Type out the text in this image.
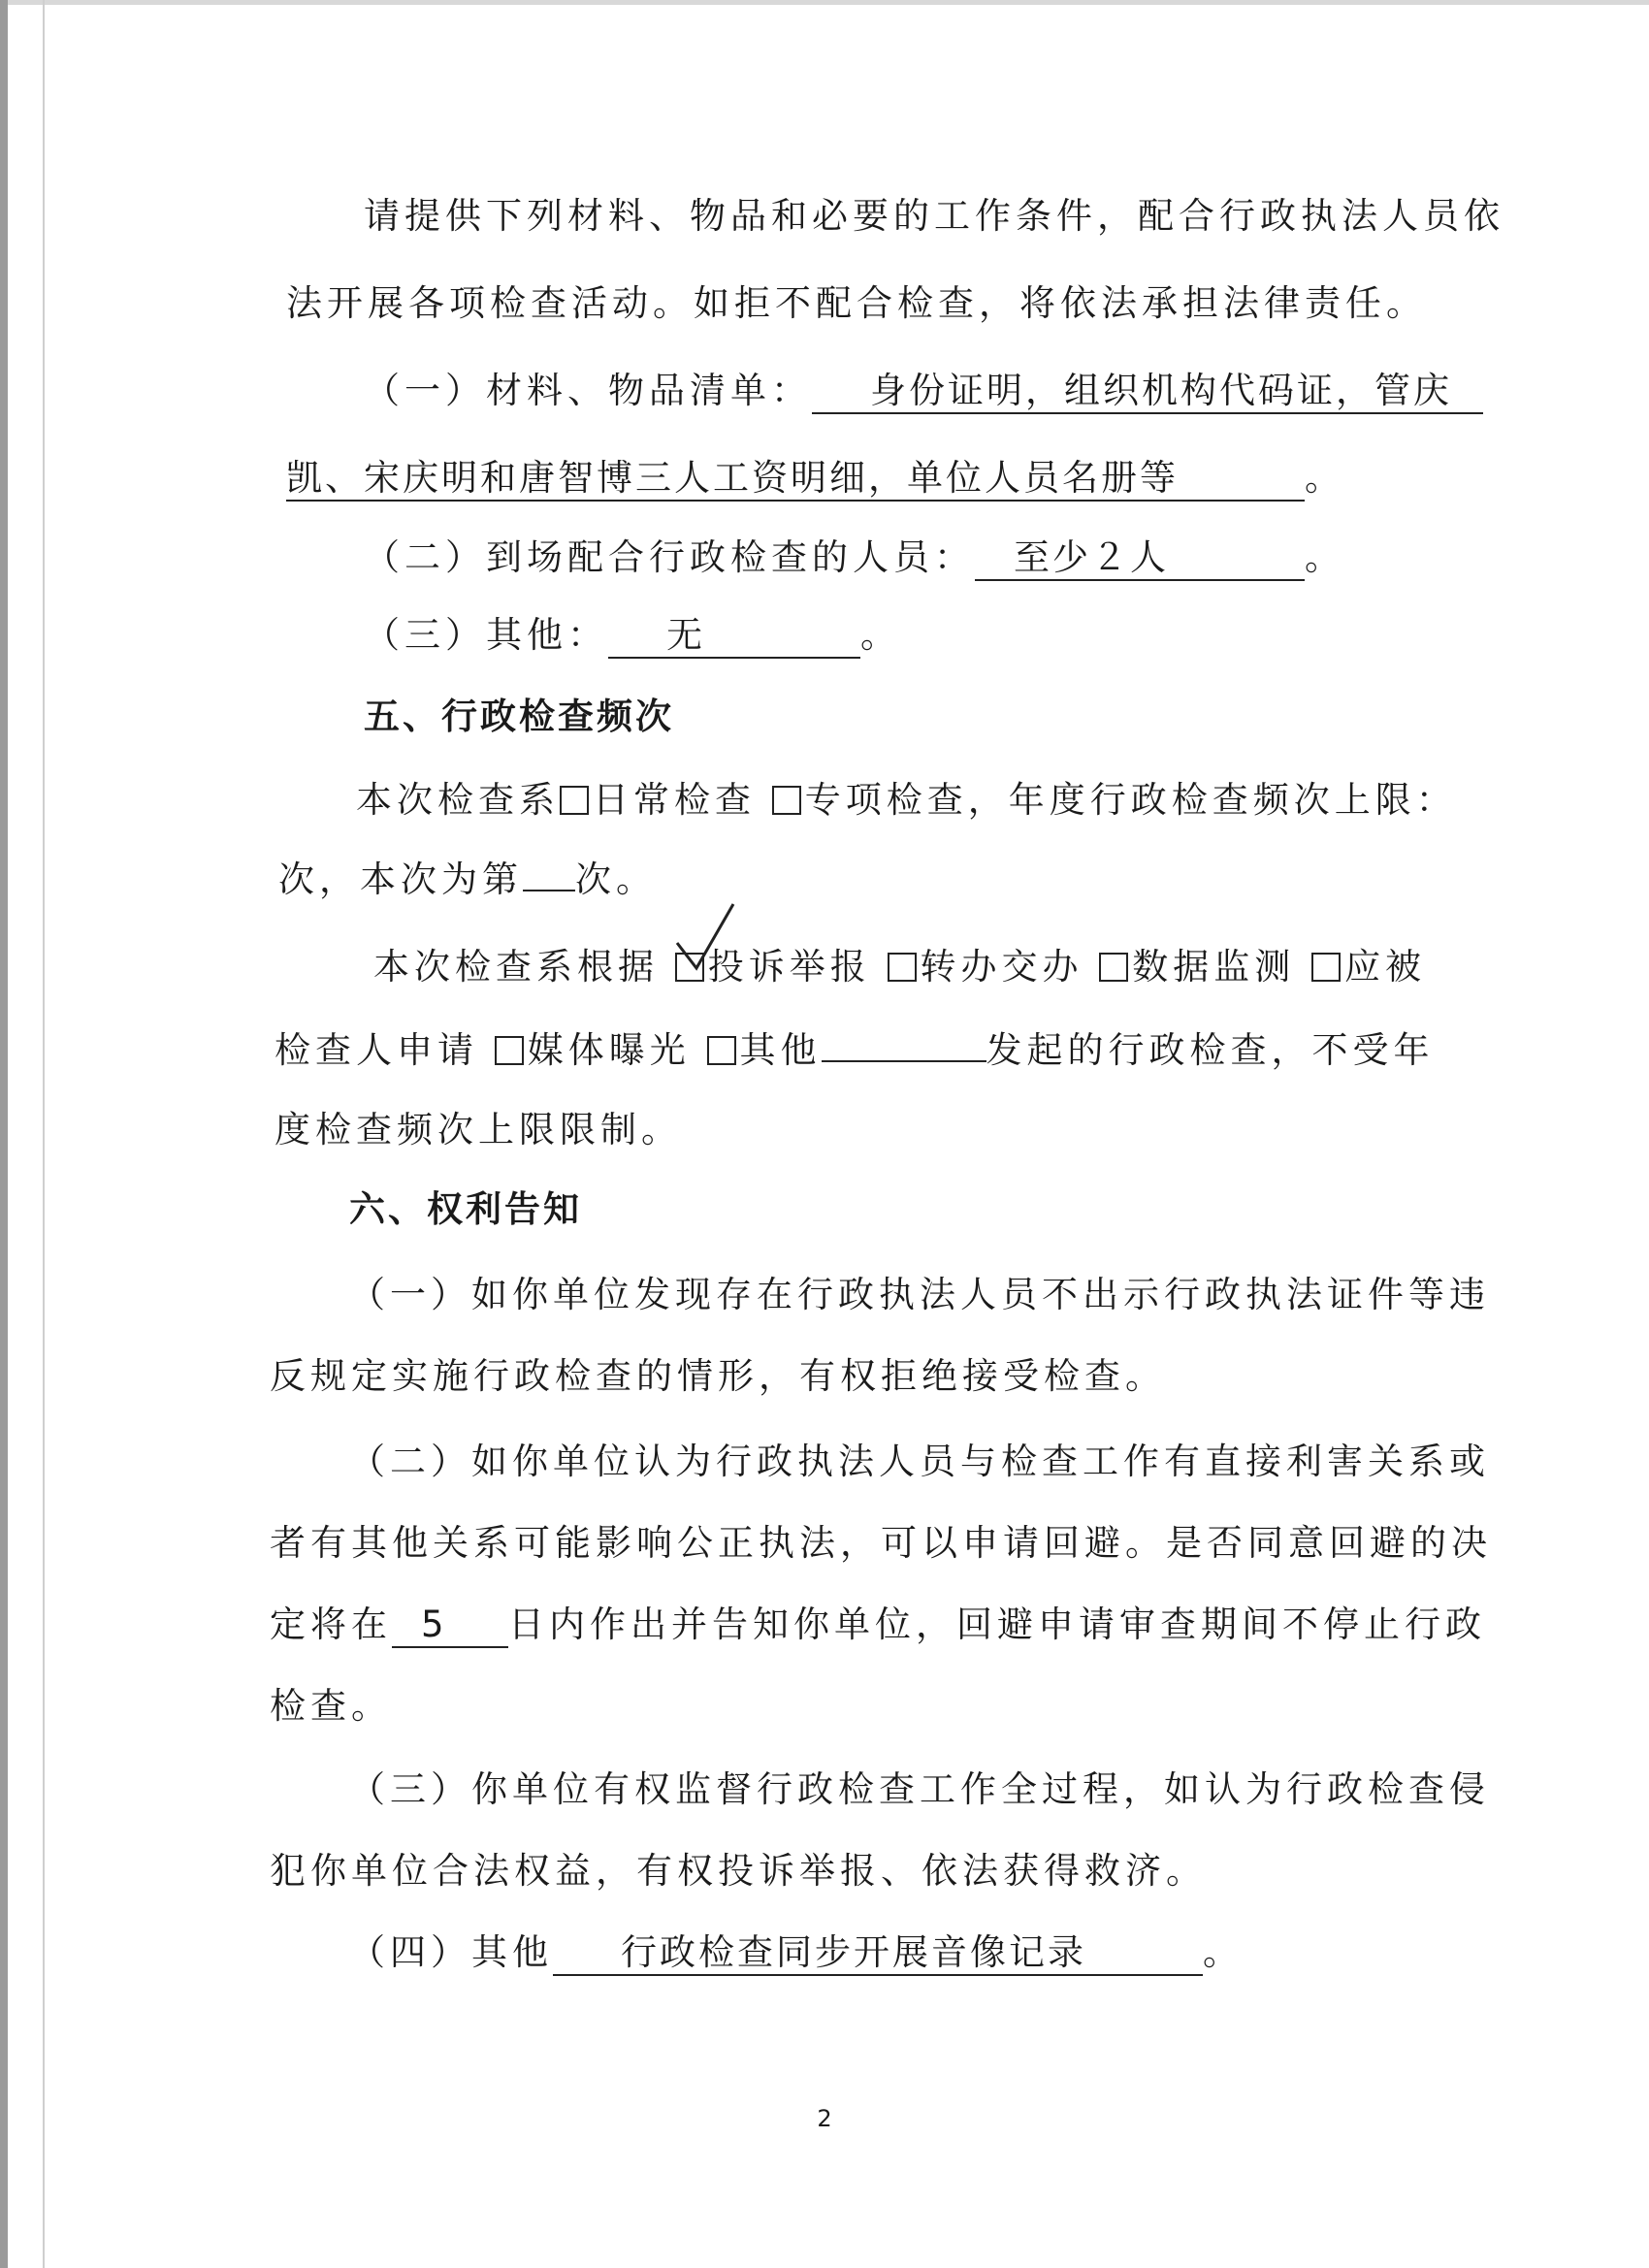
请提供下列材料、物品和必要的工作条件，配合行政执法人员依
法开展各项检查活动。如拒不配合检查，将依法承担法律责任。
（一）材料、物品清单： 身份证明，组织机构代码证，管庆
凯、宋庆明和唐智博三人工资明细，单位人员名册等	。
（二）到场配合行政检查的人员： 至少２人	。
（三）其他： 无	。
五、行政检查频次
本次检查系 日常检查 专项检查，年度行政检查频次上限：
次，本次为第 次。
本次检查系根据 投诉举报 转办交办 数据监测 应被
检查人申请 媒体曝光 其他	发起的行政检查，不受年
度检查频次上限限制。
六、权利告知
（一）如你单位发现存在行政执法人员不出示行政执法证件等违
反规定实施行政检查的情形，有权拒绝接受检查。
（二）如你单位认为行政执法人员与检查工作有直接利害关系或
者有其他关系可能影响公正执法，可以申请回避。是否同意回避的决
定将在 5 日内作出并告知你单位，回避申请审查期间不停止行政
检查。
（三）你单位有权监督行政检查工作全过程，如认为行政检查侵
犯你单位合法权益，有权投诉举报、依法获得救济。
（四）其他 行政检查同步开展音像记录	。
2
